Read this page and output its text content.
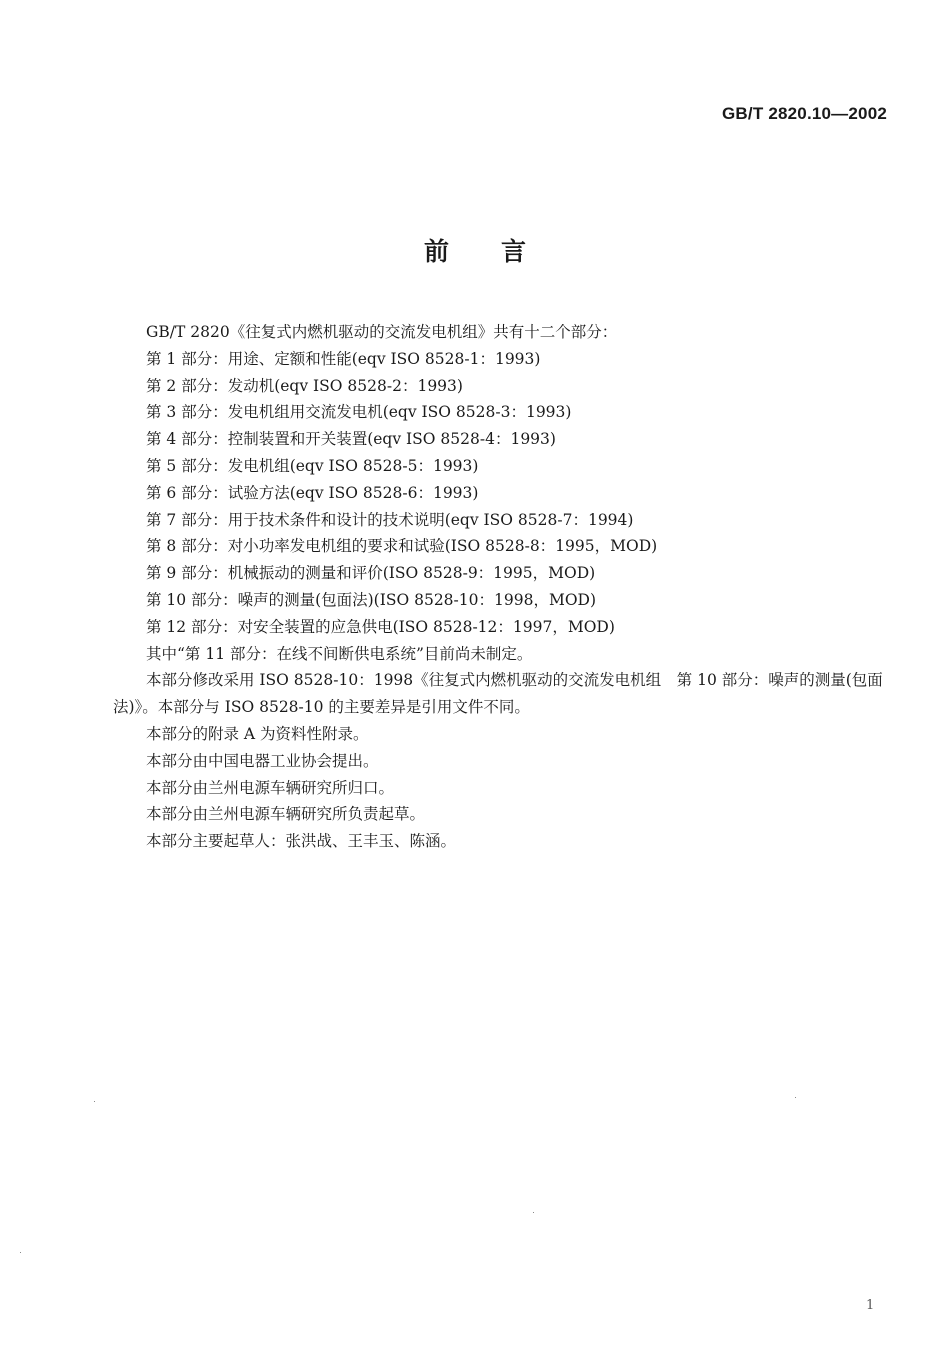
GB/T 2820.10—2002
前言

GB/T 2820《往复式内燃机驱动的交流发电机组》共有十二个部分：

第 1 部分：用途、定额和性能(eqv ISO 8528-1：1993)

第 2 部分：发动机(eqv ISO 8528-2：1993)

第 3 部分：发电机组用交流发电机(eqv ISO 8528-3：1993)

第 4 部分：控制装置和开关装置(eqv ISO 8528-4：1993)

第 5 部分：发电机组(eqv ISO 8528-5：1993)

第 6 部分：试验方法(eqv ISO 8528-6：1993)

第 7 部分：用于技术条件和设计的技术说明(eqv ISO 8528-7：1994)

第 8 部分：对小功率发电机组的要求和试验(ISO 8528-8：1995，MOD)

第 9 部分：机械振动的测量和评价(ISO 8528-9：1995，MOD)

第 10 部分：噪声的测量(包面法)(ISO 8528-10：1998，MOD)

第 12 部分：对安全装置的应急供电(ISO 8528-12：1997，MOD)

其中“第 11 部分：在线不间断供电系统”目前尚未制定。

本部分修改采用 ISO 8528-10：1998《往复式内燃机驱动的交流发电机组　第 10 部分：噪声的测量(包面法)》。本部分与 ISO 8528-10 的主要差异是引用文件不同。

本部分的附录 A 为资料性附录。

本部分由中国电器工业协会提出。

本部分由兰州电源车辆研究所归口。

本部分由兰州电源车辆研究所负责起草。

本部分主要起草人：张洪战、王丰玉、陈涵。

1
